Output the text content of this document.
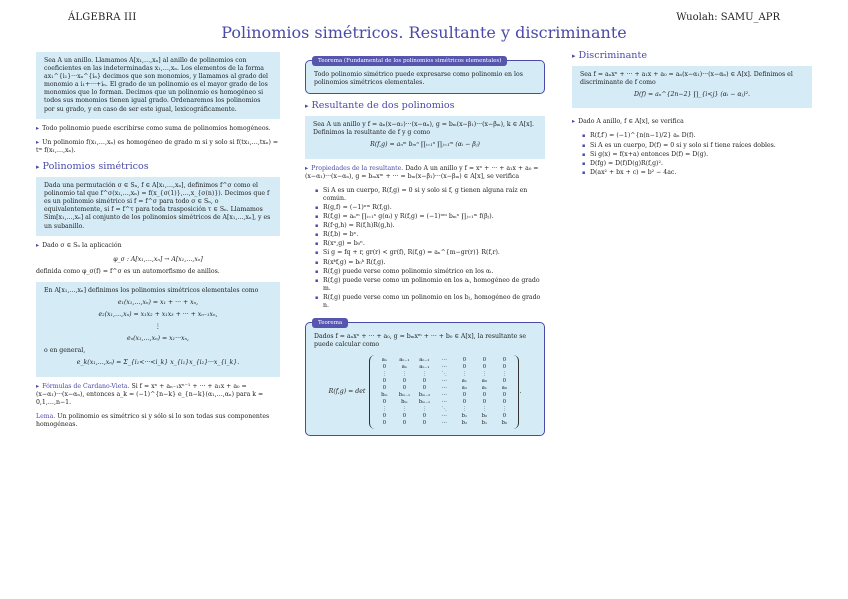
ÁLGEBRA III	Wuolah: SAMU_APR
Polinomios simétricos. Resultante y discriminante
Sea A un anillo. Llamamos A[x₁,…,xₙ] al anillo de polinomios con coeficientes en las indeterminadas x₁,…,xₙ. Los elementos de la forma ax₁^{i₁}···xₙ^{iₙ} decimos que son monomios, y llamamos al grado del monomio a i₁+···+iₙ. El grado de un polinomio es el mayor grado de los monomios que lo forman. Decimos que un polinomio es homogéneo si todos sus monomios tienen igual grado. Ordenaremos los polinomios por su grado, y en caso de ser este igual, lexicográficamente.
▸ Todo polinomio puede escribirse como suma de polinomios homogéneos.
▸ Un polinomio f(x₁,…,xₙ) es homogéneo de grado m si y solo si f(tx₁,…,txₙ) = tᵐ f(x₁,…,xₙ).
▸ Polinomios simétricos
Dada una permutación σ ∈ Sₙ, f ∈ A[x₁,…,xₙ], definimos f^σ como el polinomio tal que f^σ(x₁,…,xₙ) = f(x_{σ(1)},…,x_{σ(n)}). Decimos que f es un polinomio simétrico si f = f^σ para todo σ ∈ Sₙ, o equivalentemente, si f = f^τ para toda trasposición τ ∈ Sₙ. Llamamos Sim[x₁,…,xₙ] al conjunto de los polinomios simétricos de A[x₁,…,xₙ], y es un subanillo.
▸ Dado σ ∈ Sₙ la aplicación
φ_σ : A[x₁,…,xₙ] → A[x₁,…,xₙ]
definida como φ_σ(f) = f^σ es un automorfismo de anillos.
En A[x₁,…,xₙ] definimos los polinomios simétricos elementales como
e₁(x₁,…,xₙ) = x₁ + ··· + xₙ,
e₂(x₁,…,xₙ) = x₁x₂ + x₁x₃ + ··· + xₙ₋₁xₙ,
⋮
eₙ(x₁,…,xₙ) = x₁···xₙ,
o en general,
e_k(x₁,…,xₙ) = Σ_{i₁<···<i_k} x_{i₁}x_{i₂}···x_{i_k}.
▸ Fórmulas de Cardano-Vieta. Si f = xⁿ + aₙ₋₁xⁿ⁻¹ + ··· + a₁x + a₀ = (x−α₁)···(x−αₙ), entonces a_k = (−1)^{n−k} e_{n−k}(α₁,…,αₙ) para k = 0,1,…,n−1.
Lema. Un polinomio es simétrico si y sólo si lo son todas sus componentes homogéneas.
Teorema (Fundamental de los polinomios simétricos elementales)
Todo polinomio simétrico puede expresarse como polinomio en los polinomios simétricos elementales.
▸ Resultante de dos polinomios
Sea A un anillo y f = aₙ(x−α₁)···(x−αₙ), g = bₘ(x−β₁)···(x−βₘ), k ∈ A[x]. Definimos la resultante de f y g como
R(f,g) = aₙᵐ bₘⁿ ∏ᵢ₌₁ⁿ ∏ⱼ₌₁ᵐ (αᵢ − βⱼ)
▸ Propiedades de la resultante. Dado A un anillo y f = xⁿ + ··· + a₁x + a₀ = (x−α₁)···(x−αₙ), g = bₘxᵐ + ··· = bₘ(x−β₁)···(x−βₘ) ∈ A[x], se verifica
▪ Si A es un cuerpo, R(f,g) = 0 si y solo si f, g tienen alguna raíz en común.
▪ R(g,f) = (−1)ⁿᵐ R(f,g).
▪ R(f,g) = aₙᵐ ∏ᵢ₌₁ⁿ g(αᵢ) y R(f,g) = (−1)ⁿᵐ bₘⁿ ∏ⱼ₌₁ᵐ f(βⱼ).
▪ R(f·g,h) = R(f,h)R(g,h).
▪ R(f,b) = bⁿ.
▪ R(xⁿ,g) = b₀ⁿ.
▪ Si g = fq + r, gr(r) < gr(f), R(f,g) = aₙ^{m−gr(r)} R(f,r).
▪ R(xᵏf,g) = b₀ᵏ R(f,g).
▪ R(f,g) puede verse como polinomio simétrico en los αᵢ.
▪ R(f,g) puede verse como un polinomio en los aᵢ, homogéneo de grado m.
▪ R(f,g) puede verse como un polinomio en los bⱼ, homogéneo de grado n.
Teorema
Dados f = aₙxⁿ + ··· + a₀, g = bₘxᵐ + ··· + b₀ ∈ A[x], la resultante se puede calcular como
R(f,g) = det
aₙ	aₙ₋₁	aₙ₋₂	···	0	0	0
0	aₙ	aₙ₋₁	···	0	0	0
⋮	⋮	⋮	⋱	⋮	⋮	⋮
0	0	0	···	a₁	a₀	0
0	0	0	···	a₂	a₁	a₀
bₘ	bₘ₋₁	bₘ₋₂	···	0	0	0
0	bₘ	bₘ₋₁	···	0	0	0
⋮	⋮	⋮	⋱	⋮	⋮	⋮
0	0	0	···	b₁	b₀	0
0	0	0	···	b₂	b₁	b₀
.
▸ Discriminante
Sea f = aₙxⁿ + ··· + a₁x + a₀ = aₙ(x−α₁)···(x−αₙ) ∈ A[x]. Definimos el discriminante de f como
D(f) = aₙ^{2n−2} ∏_{i<j} (αᵢ − αⱼ)².
▸ Dado A anillo, f ∈ A[x], se verifica
▪ R(f,f′) = (−1)^{n(n−1)/2} aₙ D(f).
▪ Si A es un cuerpo, D(f) = 0 si y solo si f tiene raíces dobles.
▪ Si g(x) = f(x+a) entonces D(f) = D(g).
▪ D(fg) = D(f)D(g)R(f,g)².
▪ D(ax² + bx + c) = b² − 4ac.
